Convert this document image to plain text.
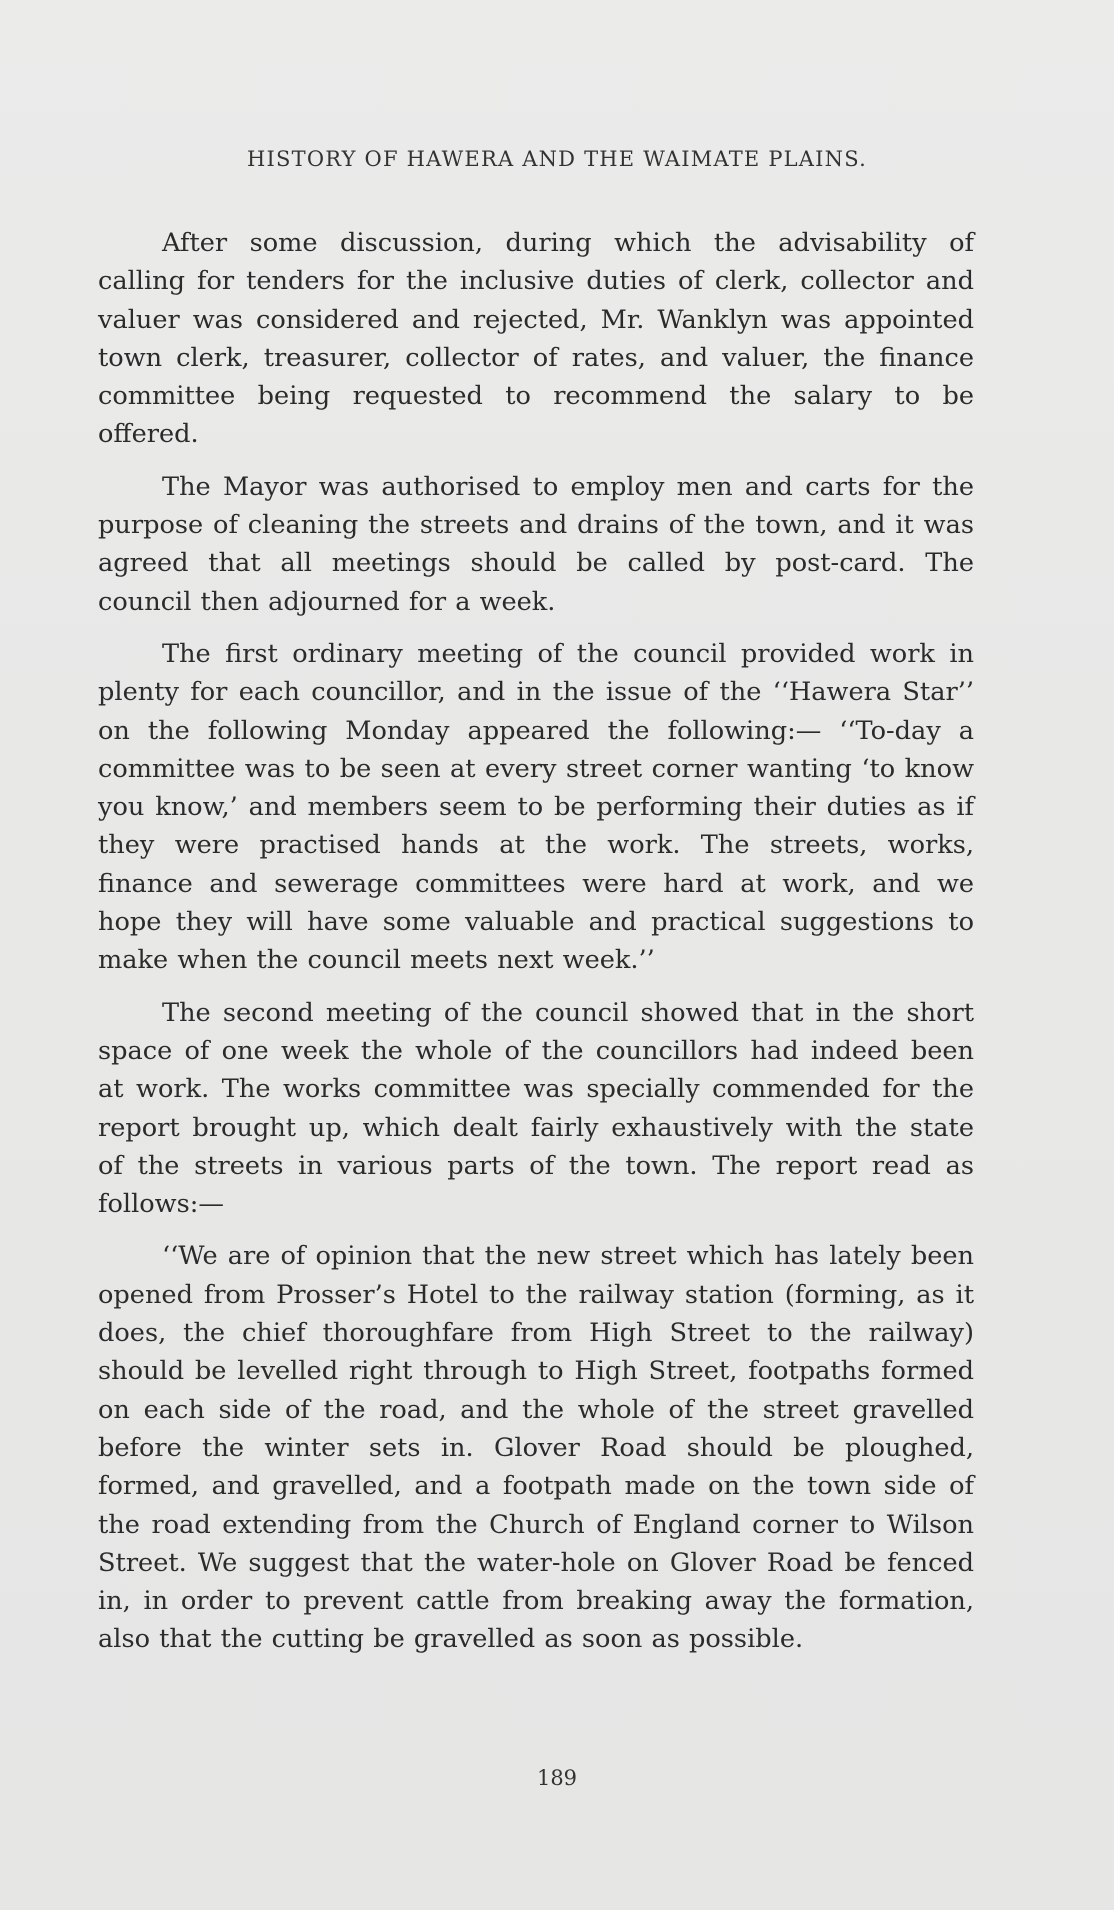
HISTORY OF HAWERA AND THE WAIMATE PLAINS.

After some discussion, during which the advisability of calling for tenders for the inclusive duties of clerk, collector and valuer was considered and rejected, Mr. Wanklyn was appointed town clerk, treasurer, collector of rates, and valuer, the finance committee being requested to recommend the salary to be offered.

The Mayor was authorised to employ men and carts for the purpose of cleaning the streets and drains of the town, and it was agreed that all meetings should be called by post-card. The council then adjourned for a week.

The first ordinary meeting of the council provided work in plenty for each councillor, and in the issue of the ‘‘Hawera Star’’ on the following Monday appeared the following:— ‘‘To-day a committee was to be seen at every street corner wanting ‘to know you know,’ and members seem to be performing their duties as if they were practised hands at the work. The streets, works, finance and sewerage committees were hard at work, and we hope they will have some valuable and practical suggestions to make when the council meets next week.’’

The second meeting of the council showed that in the short space of one week the whole of the councillors had indeed been at work. The works committee was specially commended for the report brought up, which dealt fairly exhaustively with the state of the streets in various parts of the town. The report read as follows:—

‘‘We are of opinion that the new street which has lately been opened from Prosser’s Hotel to the railway station (forming, as it does, the chief thoroughfare from High Street to the railway) should be levelled right through to High Street, footpaths formed on each side of the road, and the whole of the street gravelled before the winter sets in. Glover Road should be ploughed, formed, and gravelled, and a footpath made on the town side of the road extending from the Church of England corner to Wilson Street. We suggest that the water-hole on Glover Road be fenced in, in order to prevent cattle from breaking away the formation, also that the cutting be gravelled as soon as possible.

189
